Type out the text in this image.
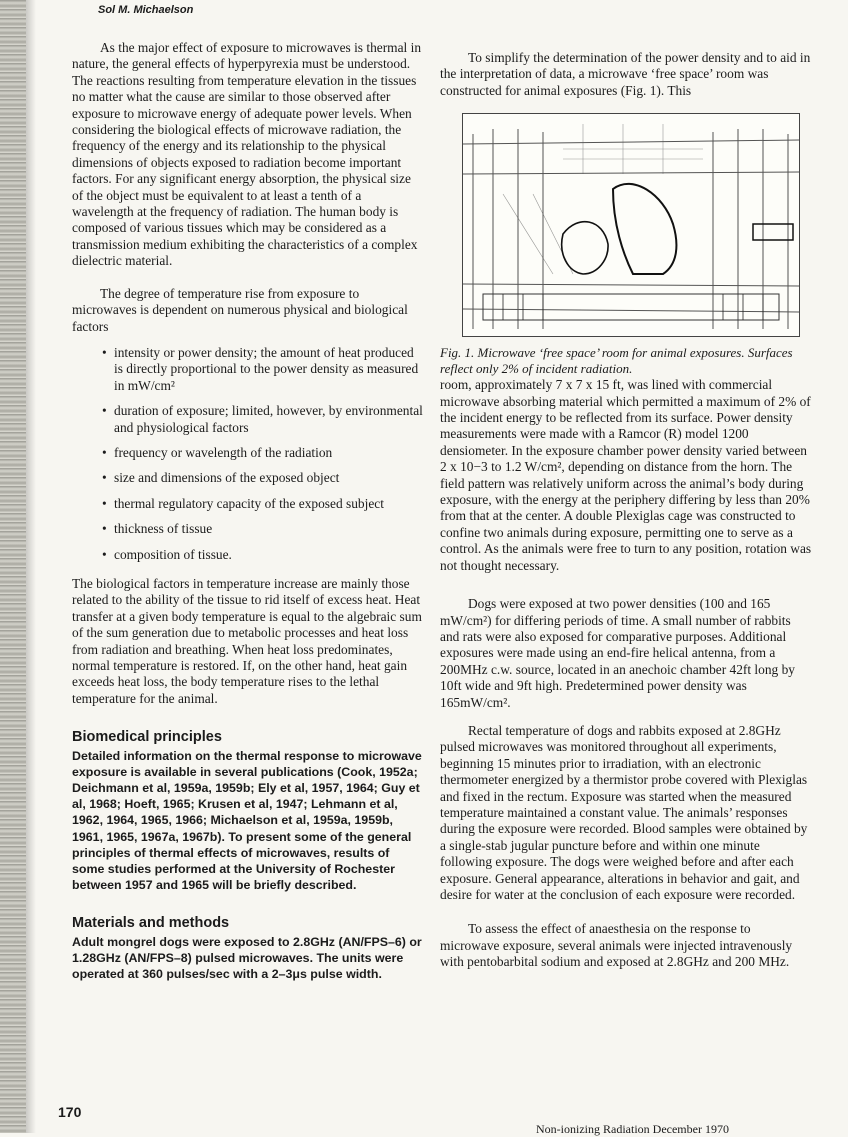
Sol M. Michaelson

As the major effect of exposure to microwaves is thermal in nature, the general effects of hyperpyrexia must be understood. The reactions resulting from temperature elevation in the tissues no matter what the cause are similar to those observed after exposure to microwave energy of adequate power levels. When considering the biological effects of microwave radiation, the frequency of the energy and its relationship to the physical dimensions of objects exposed to radiation become important factors. For any significant energy absorption, the physical size of the object must be equivalent to at least a tenth of a wavelength at the frequency of radiation. The human body is composed of various tissues which may be considered as a transmission medium exhibiting the characteristics of a complex dielectric material.

The degree of temperature rise from exposure to microwaves is dependent on numerous physical and biological factors

• intensity or power density; the amount of heat produced is directly proportional to the power density as measured in mW/cm²
• duration of exposure; limited, however, by environmental and physiological factors
• frequency or wavelength of the radiation
• size and dimensions of the exposed object
• thermal regulatory capacity of the exposed subject
• thickness of tissue
• composition of tissue.

The biological factors in temperature increase are mainly those related to the ability of the tissue to rid itself of excess heat. Heat transfer at a given body temperature is equal to the algebraic sum of the sum generation due to metabolic processes and heat loss from radiation and breathing. When heat loss predominates, normal temperature is restored. If, on the other hand, heat gain exceeds heat loss, the body temperature rises to the lethal temperature for the animal.

Biomedical principles

Detailed information on the thermal response to microwave exposure is available in several publications (Cook, 1952a; Deichmann et al, 1959a, 1959b; Ely et al, 1957, 1964; Guy et al, 1968; Hoeft, 1965; Krusen et al, 1947; Lehmann et al, 1962, 1964, 1965, 1966; Michaelson et al, 1959a, 1959b, 1961, 1965, 1967a, 1967b). To present some of the general principles of thermal effects of microwaves, results of some studies performed at the University of Rochester between 1957 and 1965 will be briefly described.

Materials and methods

Adult mongrel dogs were exposed to 2.8GHz (AN/FPS–6) or 1.28GHz (AN/FPS–8) pulsed microwaves. The units were operated at 360 pulses/sec with a 2–3μs pulse width.

To simplify the determination of the power density and to aid in the interpretation of data, a microwave ‘free space’ room was constructed for animal exposures (Fig. 1). This

Fig. 1. Microwave ‘free space’ room for animal exposures. Surfaces reflect only 2% of incident radiation.

room, approximately 7 x 7 x 15 ft, was lined with commercial microwave absorbing material which permitted a maximum of 2% of the incident energy to be reflected from its surface. Power density measurements were made with a Ramcor (R) model 1200 densiometer. In the exposure chamber power density varied between 2 x 10−3 to 1.2 W/cm², depending on distance from the horn. The field pattern was relatively uniform across the animal’s body during exposure, with the energy at the periphery differing by less than 20% from that at the center. A double Plexiglas cage was constructed to confine two animals during exposure, permitting one to serve as a control. As the animals were free to turn to any position, rotation was not thought necessary.

Dogs were exposed at two power densities (100 and 165 mW/cm²) for differing periods of time. A small number of rabbits and rats were also exposed for comparative purposes. Additional exposures were made using an end-fire helical antenna, from a 200MHz c.w. source, located in an anechoic chamber 42ft long by 10ft wide and 9ft high. Predetermined power density was 165mW/cm².

Rectal temperature of dogs and rabbits exposed at 2.8GHz pulsed microwaves was monitored throughout all experiments, beginning 15 minutes prior to irradiation, with an electronic thermometer energized by a thermistor probe covered with Plexiglas and fixed in the rectum. Exposure was started when the measured temperature maintained a constant value. The animals’ responses during the exposure were recorded. Blood samples were obtained by a single-stab jugular puncture before and within one minute following exposure. The dogs were weighed before and after each exposure. General appearance, alterations in behavior and gait, and desire for water at the conclusion of each exposure were recorded.

To assess the effect of anaesthesia on the response to microwave exposure, several animals were injected intravenously with pentobarbital sodium and exposed at 2.8GHz and 200 MHz.

170
Non-ionizing Radiation December 1970
